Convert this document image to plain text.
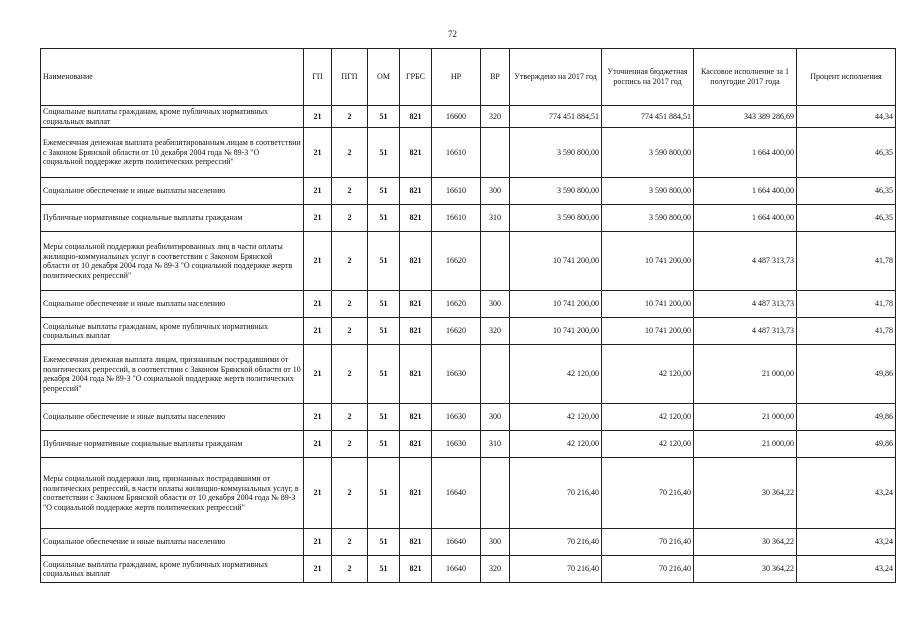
72
Наименование	ГП	ПГП	ОМ	ГРБС	НР	ВР	Утверждено на 2017 год	Уточненная бюджетная роспись на 2017 год	Кассовое исполнение за 1 полугодие 2017 года	Процент исполнения
Социальные выплаты гражданам, кроме публичных нормативных социальных выплат	21	2	51	821	16600	320	774 451 884,51	774 451 884,51	343 389 286,69	44,34
Ежемесячная денежная выплата реабилитированным лицам в соответствии с Законом Брянской области от 10 декабря 2004 года № 89-З "О социальной поддержке жертв политических репрессий"	21	2	51	821	16610		3 590 800,00	3 590 800,00	1 664 400,00	46,35
Социальное обеспечение и иные выплаты населению	21	2	51	821	16610	300	3 590 800,00	3 590 800,00	1 664 400,00	46,35
Публичные нормативные социальные выплаты гражданам	21	2	51	821	16610	310	3 590 800,00	3 590 800,00	1 664 400,00	46,35
Меры социальной поддержки реабилитированных лиц в части оплаты жилищно-коммунальных услуг в соответствии с Законом Брянской области от 10 декабря 2004 года № 89-З "О социальной поддержке жертв политических репрессий"	21	2	51	821	16620		10 741 200,00	10 741 200,00	4 487 313,73	41,78
Социальное обеспечение и иные выплаты населению	21	2	51	821	16620	300	10 741 200,00	10 741 200,00	4 487 313,73	41,78
Социальные выплаты гражданам, кроме публичных нормативных социальных выплат	21	2	51	821	16620	320	10 741 200,00	10 741 200,00	4 487 313,73	41,78
Ежемесячная денежная выплата лицам, признанным пострадавшими от политических репрессий, в соответствии с Законом Брянской области от 10 декабря 2004 года № 89-З "О социальной поддержке жертв политических репрессий"	21	2	51	821	16630		42 120,00	42 120,00	21 000,00	49,86
Социальное обеспечение и иные выплаты населению	21	2	51	821	16630	300	42 120,00	42 120,00	21 000,00	49,86
Публичные нормативные социальные выплаты гражданам	21	2	51	821	16630	310	42 120,00	42 120,00	21 000,00	49,86
Меры социальной поддержки лиц, признанных пострадавшими от политических репрессий, в части оплаты жилищно-коммунальных услуг, в соответствии с Законом Брянской области от 10 декабря 2004 года № 89-З "О социальной поддержке жертв политических репрессий"	21	2	51	821	16640		70 216,40	70 216,40	30 364,22	43,24
Социальное обеспечение и иные выплаты населению	21	2	51	821	16640	300	70 216,40	70 216,40	30 364,22	43,24
Социальные выплаты гражданам, кроме публичных нормативных социальных выплат	21	2	51	821	16640	320	70 216,40	70 216,40	30 364,22	43,24
